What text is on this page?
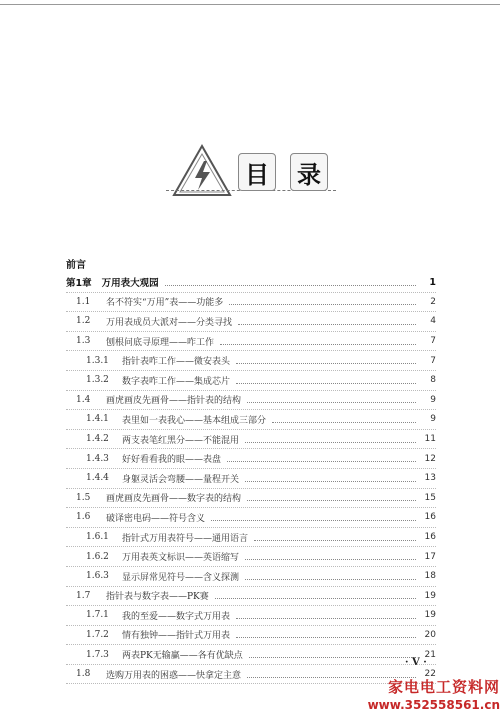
目 录
前言
第1章 万用表大观园	1
1.1	名不符实“万用”表——功能多	2
1.2	万用表成员大派对——分类寻找	4
1.3	刨根问底寻原理——咋工作	7
1.3.1	指针表咋工作——微安表头	7
1.3.2	数字表咋工作——集成芯片	8
1.4	画虎画皮先画骨——指针表的结构	9
1.4.1	表里如一表我心——基本组成三部分	9
1.4.2	两支表笔红黑分——不能混用	11
1.4.3	好好看看我的眼——表盘	12
1.4.4	身躯灵活会弯腰——量程开关	13
1.5	画虎画皮先画骨——数字表的结构	15
1.6	破译密电码——符号含义	16
1.6.1	指针式万用表符号——通用语言	16
1.6.2	万用表英文标识——英语缩写	17
1.6.3	显示屏常见符号——含义探测	18
1.7	指针表与数字表——PK赛	19
1.7.1	我的至爱——数字式万用表	19
1.7.2	情有独钟——指针式万用表	20
1.7.3	两表PK无输赢——各有优缺点	21
1.8	选购万用表的困惑——快拿定主意	22
· V ·
家电电工资料网
www.352558561.cn
